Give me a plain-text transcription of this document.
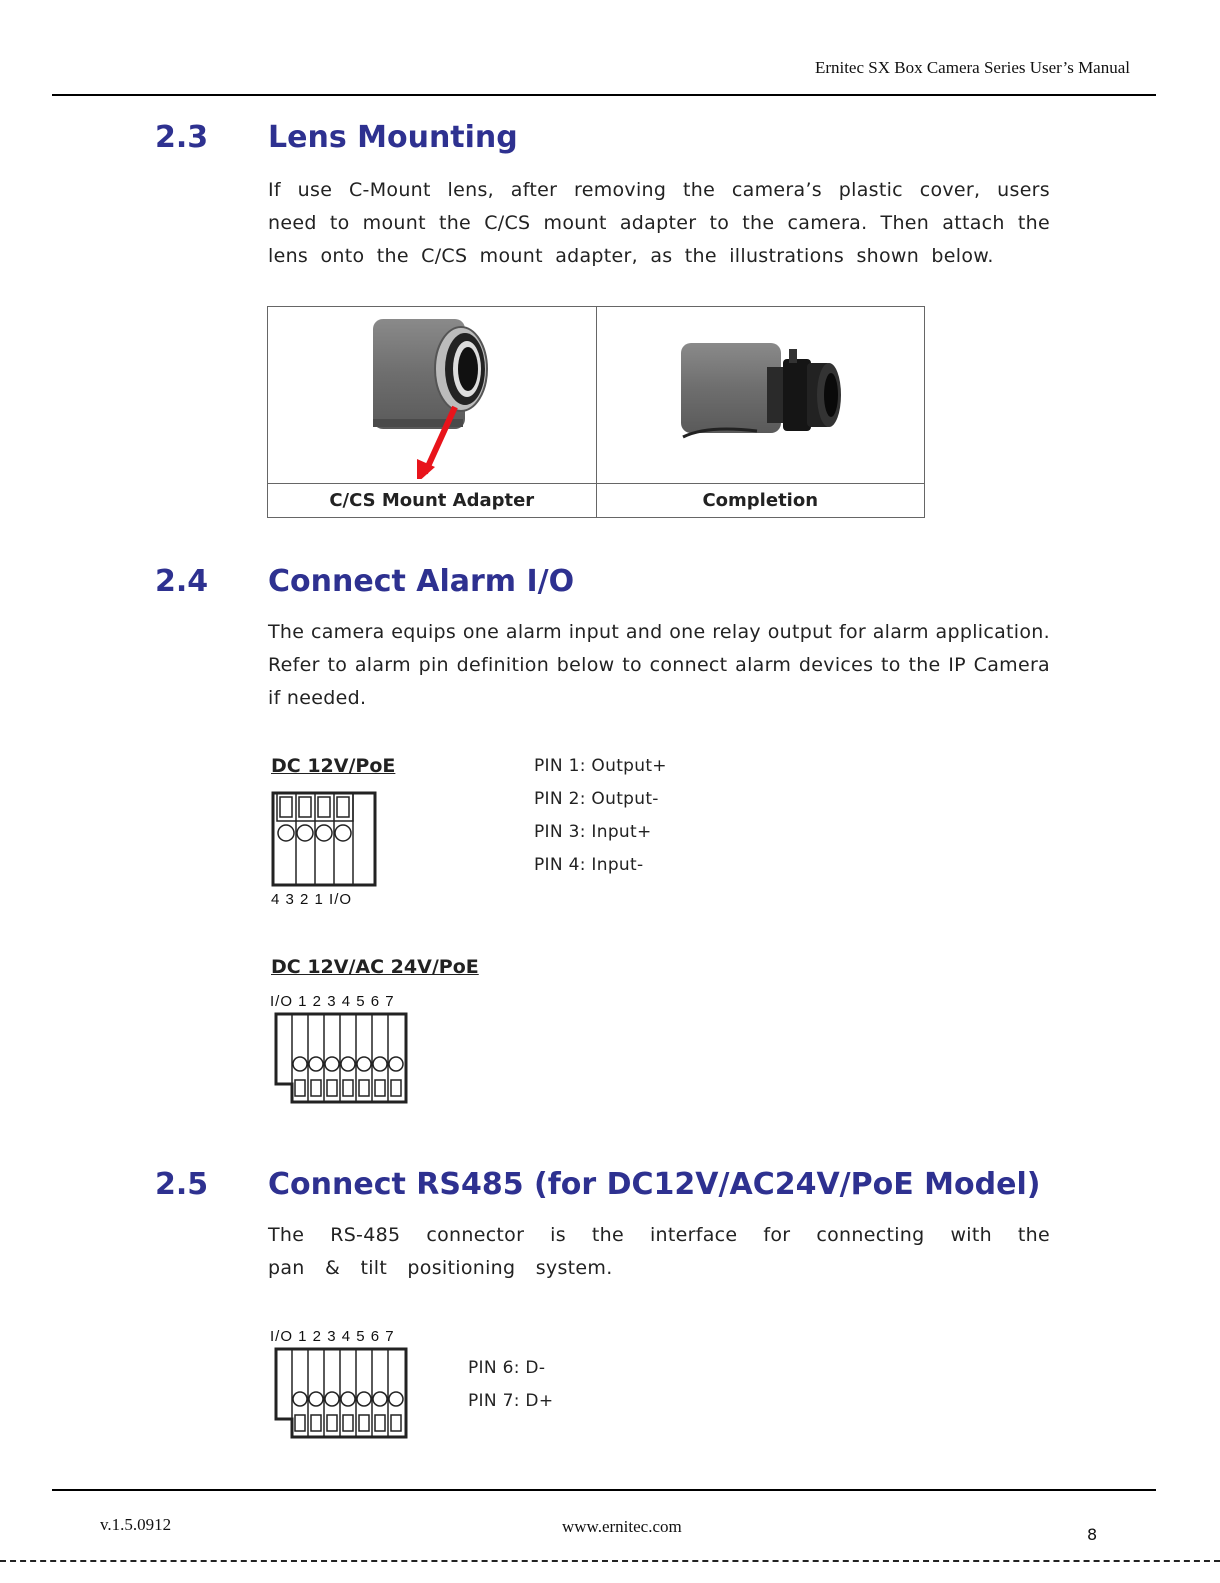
Ernitec SX Box Camera Series User’s Manual
2.3 Lens Mounting
If use C-Mount lens, after removing the camera’s plastic cover, users need to mount the C/CS mount adapter to the camera. Then attach the lens onto the C/CS mount adapter, as the illustrations shown below.

C/CS Mount Adapter	Completion
2.4 Connect Alarm I/O
The camera equips one alarm input and one relay output for alarm application. Refer to alarm pin definition below to connect alarm devices to the IP Camera if needed.
DC 12V/PoE
4 3 2 1 I/O
PIN 1: Output+
PIN 2: Output-
PIN 3: Input+
PIN 4: Input-
DC 12V/AC 24V/PoE
I/O 1 2 3 4 5 6 7
2.5 Connect RS485 (for DC12V/AC24V/PoE Model)
The RS-485 connector is the interface for connecting with the pan & tilt positioning system.
I/O 1 2 3 4 5 6 7
PIN 6: D-
PIN 7: D+
v.1.5.0912	www.ernitec.com	8
